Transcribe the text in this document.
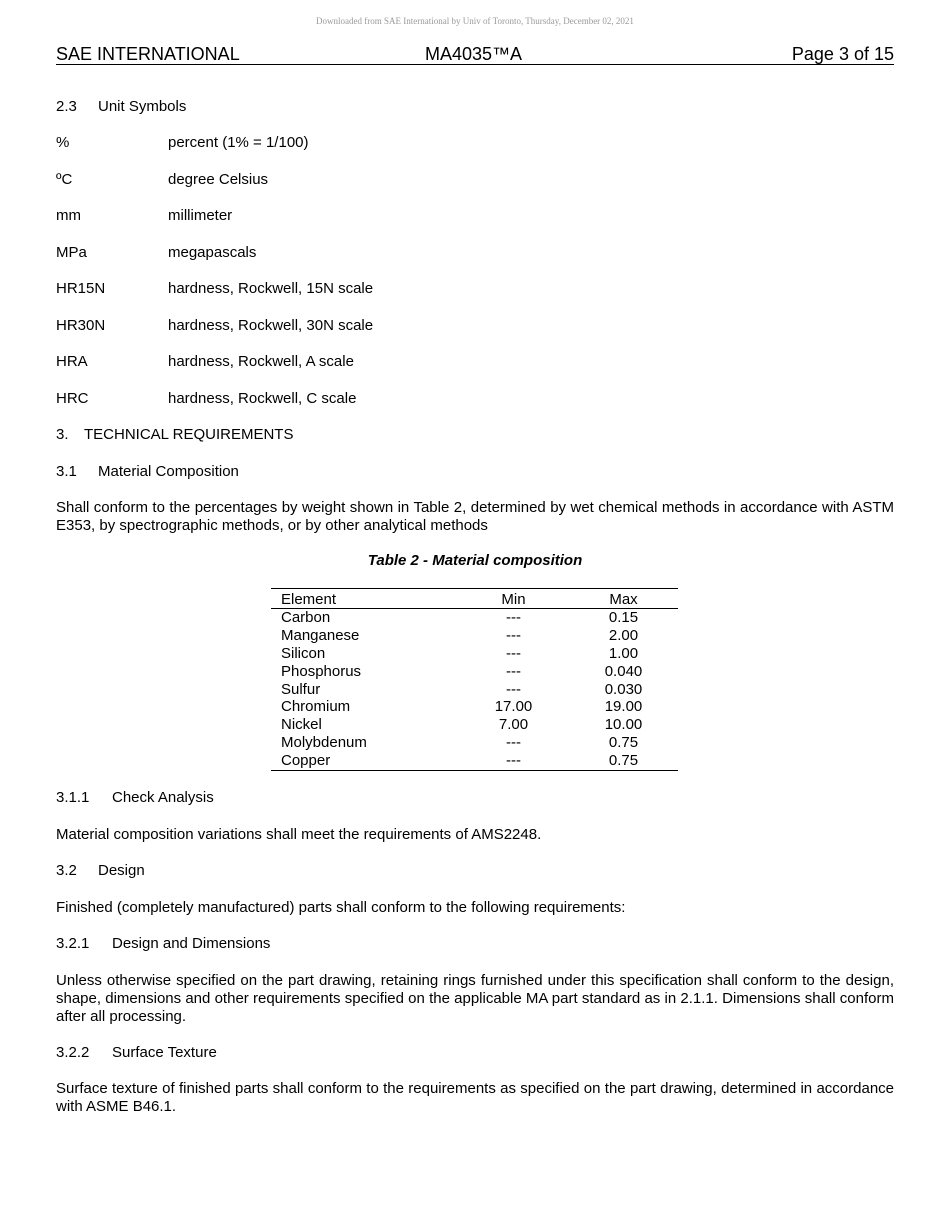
Downloaded from SAE International by Univ of Toronto, Thursday, December 02, 2021
SAE INTERNATIONAL	MA4035™A	Page 3 of 15
2.3 Unit Symbols
%	percent (1% = 1/100)
ºC	degree Celsius
mm	millimeter
MPa	megapascals
HR15N	hardness, Rockwell, 15N scale
HR30N	hardness, Rockwell, 30N scale
HRA	hardness, Rockwell, A scale
HRC	hardness, Rockwell, C scale
3. TECHNICAL REQUIREMENTS
3.1 Material Composition
Shall conform to the percentages by weight shown in Table 2, determined by wet chemical methods in accordance with ASTM E353, by spectrographic methods, or by other analytical methods
Table 2 - Material composition
Element	Min	Max
Carbon	---	0.15
Manganese	---	2.00
Silicon	---	1.00
Phosphorus	---	0.040
Sulfur	---	0.030
Chromium	17.00	19.00
Nickel	7.00	10.00
Molybdenum	---	0.75
Copper	---	0.75
3.1.1 Check Analysis
Material composition variations shall meet the requirements of AMS2248.
3.2 Design
Finished (completely manufactured) parts shall conform to the following requirements:
3.2.1 Design and Dimensions
Unless otherwise specified on the part drawing, retaining rings furnished under this specification shall conform to the design, shape, dimensions and other requirements specified on the applicable MA part standard as in 2.1.1. Dimensions shall conform after all processing.
3.2.2 Surface Texture
Surface texture of finished parts shall conform to the requirements as specified on the part drawing, determined in accordance with ASME B46.1.
